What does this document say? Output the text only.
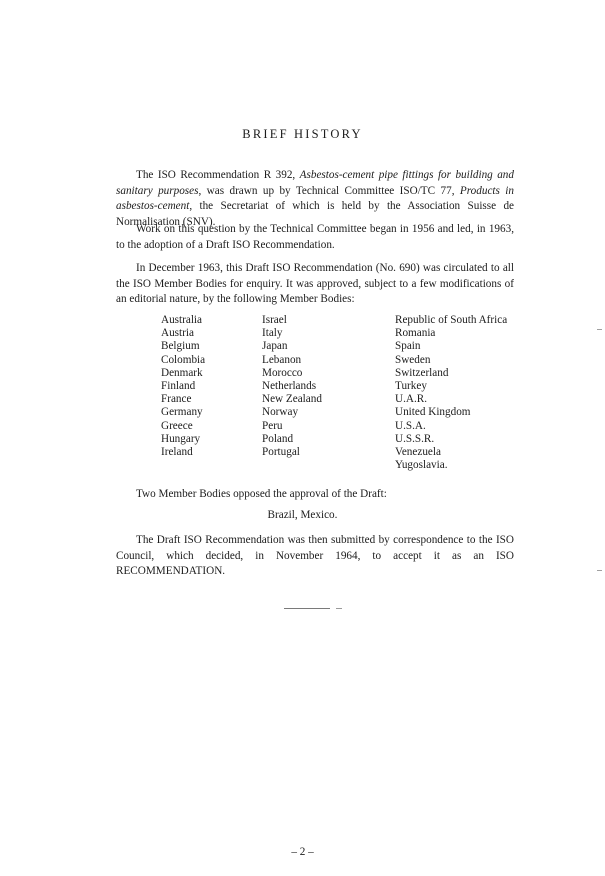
BRIEF HISTORY

The ISO Recommendation R 392, Asbestos-cement pipe fittings for building and sanitary purposes, was drawn up by Technical Committee ISO/TC 77, Products in asbestos-cement, the Secretariat of which is held by the Association Suisse de Normalisation (SNV).

Work on this question by the Technical Committee began in 1956 and led, in 1963, to the adoption of a Draft ISO Recommendation.

In December 1963, this Draft ISO Recommendation (No. 690) was circulated to all the ISO Member Bodies for enquiry. It was approved, subject to a few modifications of an editorial nature, by the following Member Bodies:

Australia
Austria
Belgium
Colombia
Denmark
Finland
France
Germany
Greece
Hungary
Ireland
Israel
Italy
Japan
Lebanon
Morocco
Netherlands
New Zealand
Norway
Peru
Poland
Portugal
Republic of South Africa
Romania
Spain
Sweden
Switzerland
Turkey
U.A.R.
United Kingdom
U.S.A.
U.S.S.R.
Venezuela
Yugoslavia.

Two Member Bodies opposed the approval of the Draft:

Brazil, Mexico.

The Draft ISO Recommendation was then submitted by correspondence to the ISO Council, which decided, in November 1964, to accept it as an ISO RECOMMENDATION.

– 2 –
